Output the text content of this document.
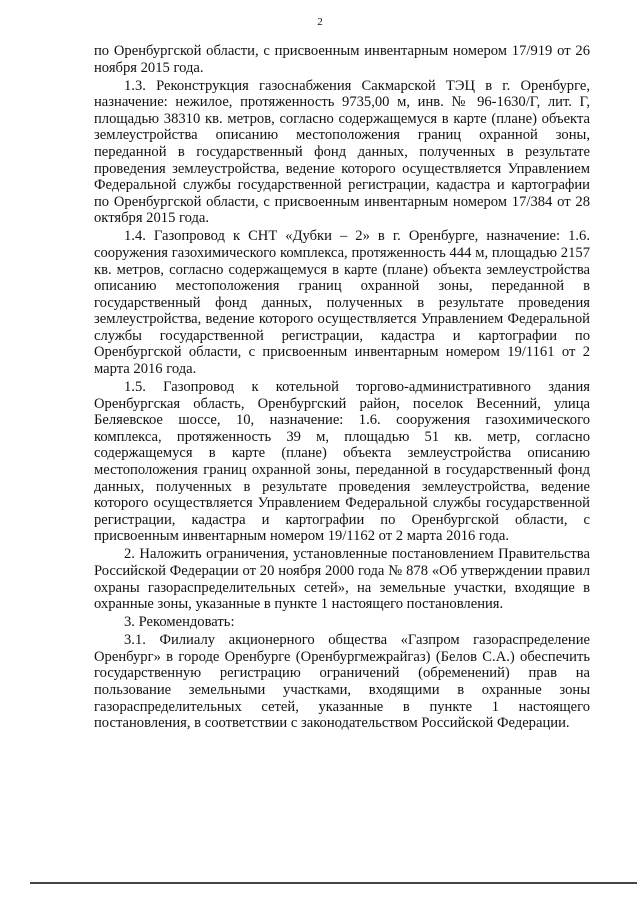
2

по Оренбургской области, с присвоенным инвентарным номером 17/919 от 26 ноября 2015 года.

1.3. Реконструкция газоснабжения Сакмарской ТЭЦ в г. Оренбурге, назначение: нежилое, протяженность 9735,00 м, инв. № 96-1630/Г, лит. Г, площадью 38310 кв. метров, согласно содержащемуся в карте (плане) объекта землеустройства описанию местоположения границ охранной зоны, переданной в государственный фонд данных, полученных в результате проведения землеустройства, ведение которого осуществляется Управлением Федеральной службы государственной регистрации, кадастра и картографии по Оренбургской области, с присвоенным инвентарным номером 17/384 от 28 октября 2015 года.

1.4. Газопровод к СНТ «Дубки – 2» в г. Оренбурге, назначение: 1.6. сооружения газохимического комплекса, протяженность 444 м, площадью 2157 кв. метров, согласно содержащемуся в карте (плане) объекта землеустройства описанию местоположения границ охранной зоны, переданной в государственный фонд данных, полученных в результате проведения землеустройства, ведение которого осуществляется Управлением Федеральной службы государственной регистрации, кадастра и картографии по Оренбургской области, с присвоенным инвентарным номером 19/1161 от 2 марта 2016 года.

1.5. Газопровод к котельной торгово-административного здания Оренбургская область, Оренбургский район, поселок Весенний, улица Беляевское шоссе, 10, назначение: 1.6. сооружения газохимического комплекса, протяженность 39 м, площадью 51 кв. метр, согласно содержащемуся в карте (плане) объекта землеустройства описанию местоположения границ охранной зоны, переданной в государственный фонд данных, полученных в результате проведения землеустройства, ведение которого осуществляется Управлением Федеральной службы государственной регистрации, кадастра и картографии по Оренбургской области, с присвоенным инвентарным номером 19/1162 от 2 марта 2016 года.

2. Наложить ограничения, установленные постановлением Правительства Российской Федерации от 20 ноября 2000 года № 878 «Об утверждении правил охраны газораспределительных сетей», на земельные участки, входящие в охранные зоны, указанные в пункте 1 настоящего постановления.

3. Рекомендовать:

3.1. Филиалу акционерного общества «Газпром газораспределение Оренбург» в городе Оренбурге (Оренбургмежрайгаз) (Белов С.А.) обеспечить государственную регистрацию ограничений (обременений) прав на пользование земельными участками, входящими в охранные зоны газораспределительных сетей, указанные в пункте 1 настоящего постановления, в соответствии с законодательством Российской Федерации.
